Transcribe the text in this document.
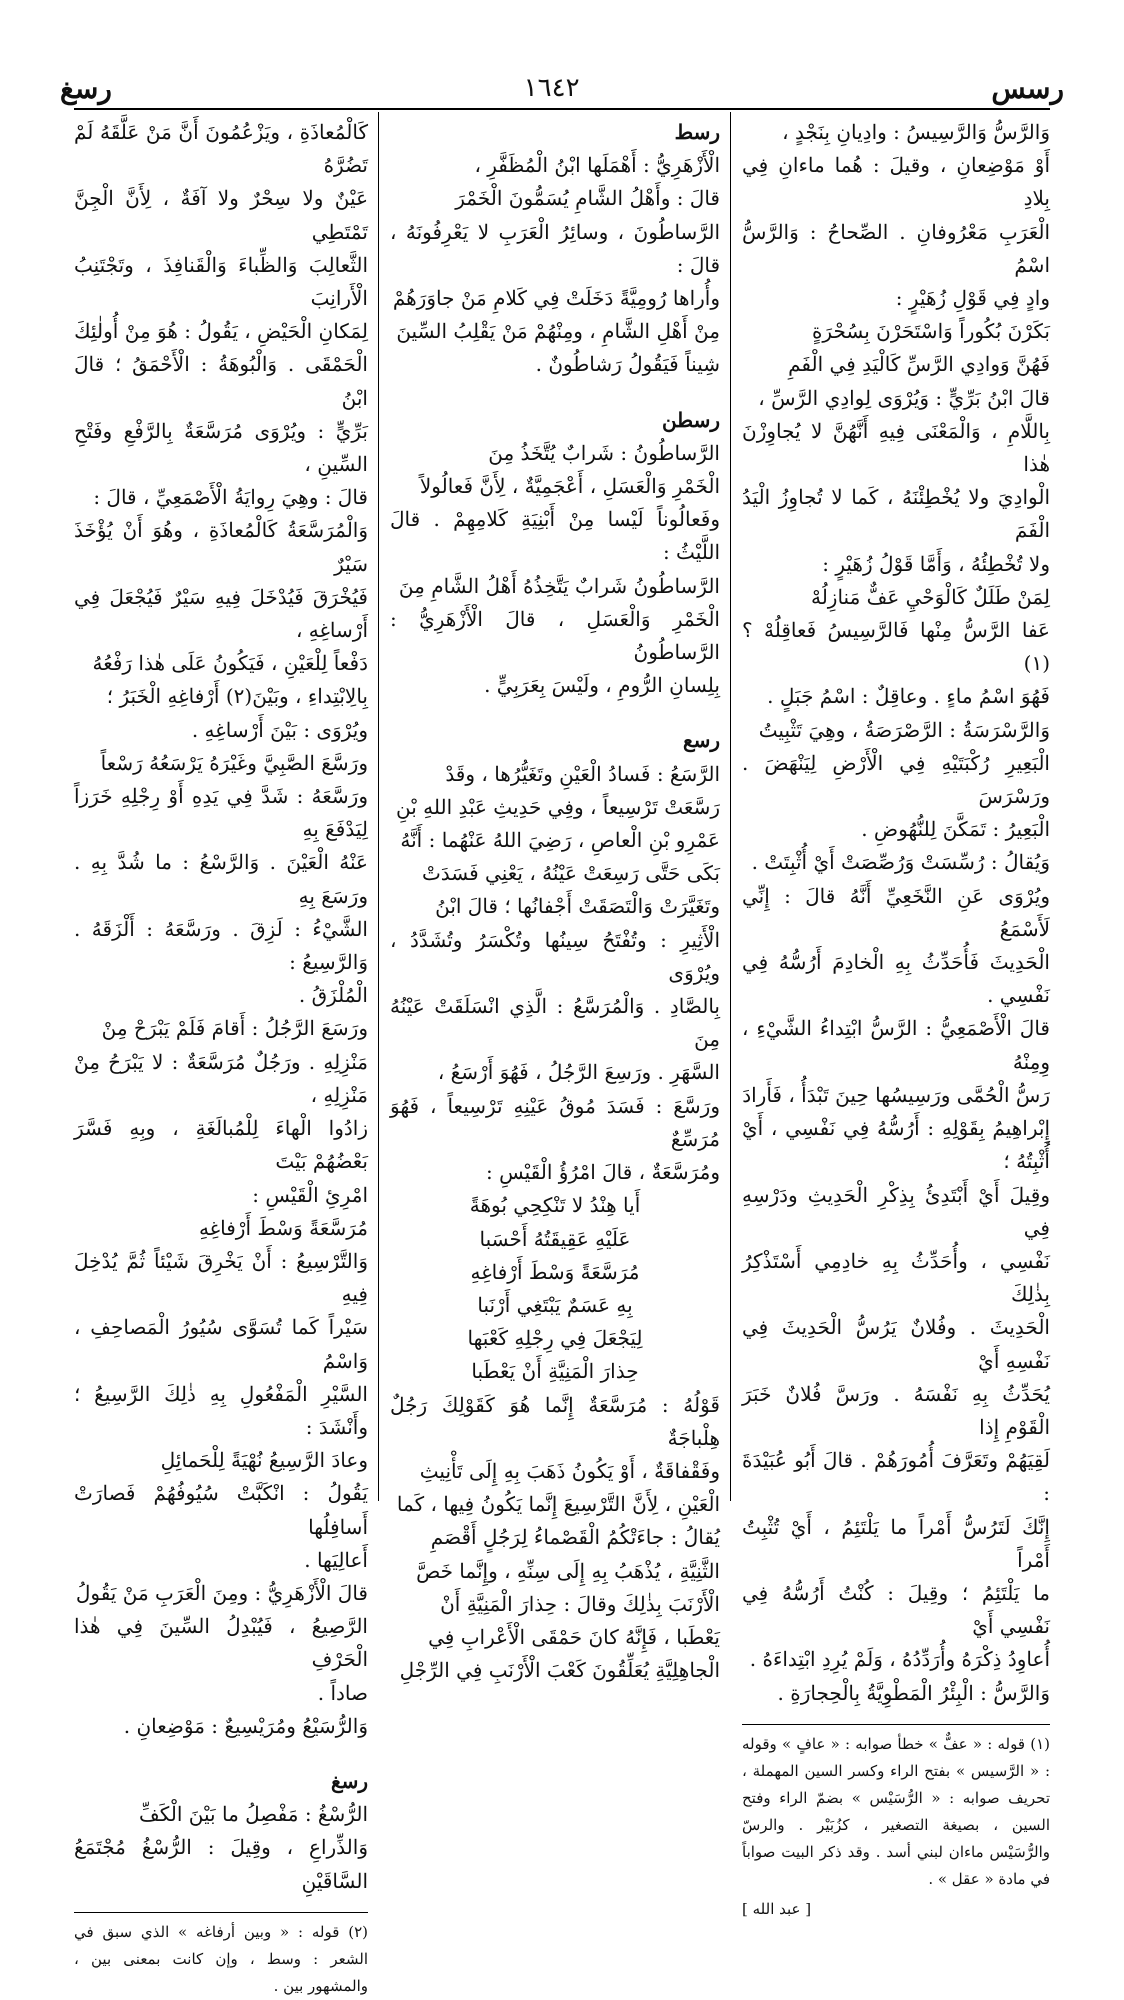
رسس
١٦٤٢
رسغ

وَالرَّسُّ وَالرَّسِيسُ : وادِيانِ بِنَجْدٍ ،

أَوْ مَوْضِعانِ ، وقيلَ : هُما ماءانِ فِي بِلادِ

الْعَرَبِ مَعْرُوفانِ . الصِّحاحُ : وَالرَّسُّ اسْمُ

وادٍ فِي قَوْلِ زُهَيْرٍ :

بَكَرْنَ بُكُوراً وَاسْتَحَرْنَ بِسُحْرَةٍ

فَهُنَّ وَوادِي الرَّسِّ كَالْيَدِ فِي الْفَمِ

قالَ ابْنُ بَرِّيٍّ : وَيُرْوَى لِوادِي الرَّسِّ ،

بِاللَّامِ ، وَالْمَعْنَى فِيهِ أَنَّهُنَّ لا يُجاوِزْنَ هٰذا

الْوادِيَ ولا يُخْطِئْنَهُ ، كَما لا تُجاوِزُ الْيَدُ الْفَمَ

ولا تُخْطِئُهُ ، وَأَمَّا قَوْلُ زُهَيْرٍ :

لِمَنْ طَلَلٌ كَالْوَحْيِ عَفٌّ مَنازِلُهْ

عَفا الرَّسُّ مِنْها فَالرَّسِيسُ فَعاقِلُهْ ؟(١)

فَهُوَ اسْمُ ماءٍ . وعاقِلٌ : اسْمُ جَبَلٍ .

وَالرَّسْرَسَةُ : الرَّصْرَصَةُ ، وهِيَ تَثْبِيتُ

الْبَعِيرِ رُكْبَتَيْهِ فِي الْأَرْضِ لِيَنْهَضَ . ورَسْرَسَ

الْبَعِيرُ : تَمَكَّنَ لِلنُّهُوضِ .

وَيُقالُ : رُسِّسَتْ وَرُصِّصَتْ أَيْ أُثْبِتَتْ .

ويُرْوَى عَنِ النَّخَعِيِّ أَنَّهُ قالَ : إِنِّي لَأَسْمَعُ

الْحَدِيثَ فَأُحَدِّثُ بِهِ الْخادِمَ أَرُسُّهُ فِي نَفْسِي .

قالَ الْأَصْمَعِيُّ : الرَّسُّ ابْتِداءُ الشَّيْءِ ، وِمِنْهُ

رَسُّ الْحُمَّى ورَسِيسُها حِينَ تَبْدَأُ ، فَأَرادَ

إِبْراهِيمُ بِقَوْلِهِ : أَرُسُّهُ فِي نَفْسِي ، أَيْ أُثْبِتُهُ ؛

وقِيلَ أَيْ أَبْتَدِئُ بِذِكْرِ الْحَدِيثِ ودَرْسِهِ فِي

نَفْسِي ، وأُحَدِّثُ بِهِ خادِمِي أَسْتَذْكِرُ بِذٰلِكَ

الْحَدِيثَ . وفُلانٌ يَرُسُّ الْحَدِيثَ فِي نَفْسِهِ أَيْ

يُحَدِّثُ بِهِ نَفْسَهُ . ورَسَّ فُلانٌ خَبَرَ الْقَوْمِ إِذا

لَقِيَهُمْ وتَعَرَّفَ أُمُورَهُمْ . قالَ أَبُو عُبَيْدَةَ :

إِنَّكَ لَتَرُسُّ أَمْراً ما يَلْتَئِمُ ، أَيْ تُثْبِتُ أَمْراً

ما يَلْتَئِمُ ؛ وقِيلَ : كُنْتُ أَرُسُّهُ فِي نَفْسِي أَيْ

أُعاوِدُ ذِكْرَهُ وأُرَدِّدُهُ ، وَلَمْ يُرِدِ ابْتِداءَهُ .

وَالرَّسُّ : الْبِئْرُ الْمَطْوِيَّةُ بِالْحِجارَةِ .

(١) قوله : « عفٌّ » خطأ صوابه : « عافٍ » وقوله : « الرَّسيس » بفتح الراء وكسر السين المهملة ، تحريف صوابه : « الرُّسَيْس » بضمّ الراء وفتح السين ، بصيغة التصغير ، كزُبَيْر . والرسّ والرُّسَيْس ماءان لبني أسد . وقد ذكر البيت صواباً في مادة « عقل » .

[ عبد الله ]

رسط

الْأَزْهَرِيُّ : أَهْمَلَها ابْنُ الْمُظَفَّرِ ،

قالَ : وأَهْلُ الشَّامِ يُسَمُّونَ الْخَمْرَ

الرَّساطُونَ ، وسائِرُ الْعَرَبِ لا يَعْرِفُونَهُ ، قالَ :

وأُراها رُومِيَّةً دَخَلَتْ فِي كَلامِ مَنْ جاوَرَهُمْ

مِنْ أَهْلِ الشَّامِ ، ومِنْهُمْ مَنْ يَقْلِبُ السِّينَ

شِيناً فَيَقُولُ رَشاطُونٌ .

رسطن

الرَّساطُونُ : شَرابٌ يُتَّخَذُ مِنَ

الْخَمْرِ وَالْعَسَلِ ، أَعْجَمِيَّةٌ ، لِأَنَّ فَعالُولاً

وفَعالُوناً لَيْسا مِنْ أَبْنِيَةِ كَلامِهِمْ . قالَ اللَّيْثُ :

الرَّساطُونُ شَرابٌ يَتَّخِذُهُ أَهْلُ الشَّامِ مِنَ

الْخَمْرِ وَالْعَسَلِ ، قالَ الْأَزْهَرِيُّ : الرَّساطُونُ

بِلِسانِ الرُّومِ ، ولَيْسَ بِعَرَبِيٍّ .

رسع

الرَّسَعُ : فَسادُ الْعَيْنِ وتَغَيُّرُها ، وقَدْ

رَسَّعَتْ تَرْسِيعاً ، وفِي حَدِيثِ عَبْدِ اللهِ بْنِ

عَمْرِو بْنِ الْعاصِ ، رَضِيَ اللهُ عَنْهُما : أَنَّهُ

بَكَى حَتَّى رَسِعَتْ عَيْنُهُ ، يَعْنِي فَسَدَتْ

وتَغَيَّرَتْ وَالْتَصَقَتْ أَجْفانُها ؛ قالَ ابْنُ

الْأَثِيرِ : وتُفْتَحُ سِينُها وتُكْسَرُ وتُشَدَّدُ ، ويُرْوَى

بِالصَّادِ . وَالْمُرَسَّعُ : الَّذِي انْسَلَقَتْ عَيْنُهُ مِنَ

السَّهَرِ . ورَسِعَ الرَّجُلُ ، فَهُوَ أَرْسَعُ ،

ورَسَّعَ : فَسَدَ مُوقُ عَيْنِهِ تَرْسِيعاً ، فَهُوَ مُرَسِّعٌ

ومُرَسَّعَةٌ ، قالَ امْرُؤُ الْقَيْسِ :

أَيا هِنْدُ لا تَنْكِحِي بُوهَةً

عَلَيْهِ عَقِيقَتُهُ أَحْسَبا

مُرَسَّعَةً وَسْطَ أَرْفاغِهِ

بِهِ عَسَمٌ يَبْتَغِي أَرْنَبا

لِيَجْعَلَ فِي رِجْلِهِ كَعْبَها

حِذارَ الْمَنِيَّةِ أَنْ يَعْطَبا

قَوْلُهُ : مُرَسَّعَةٌ إِنَّما هُوَ كَقَوْلِكَ رَجُلٌ هِلْباجَةٌ

وفَقْفاقَةٌ ، أَوْ يَكُونُ ذَهَبَ بِهِ إِلَى تَأْنِيثِ

الْعَيْنِ ، لِأَنَّ التَّرْسِيعَ إِنَّما يَكُونُ فِيها ، كَما

يُقالُ : جاءَتْكُمُ الْقَصْماءُ لِرَجُلٍ أَقْصَمِ

الثَّنِيَّةِ ، يُذْهَبُ بِهِ إِلَى سِنِّهِ ، وإِنَّما خَصَّ

الْأَرْنَبَ بِذٰلِكَ وقالَ : حِذارَ الْمَنِيَّةِ أَنْ

يَعْطَبا ، فَإِنَّهُ كانَ حَمْقَى الْأَعْرابِ فِي

الْجاهِلِيَّةِ يُعَلِّقُونَ كَعْبَ الْأَرْنَبِ فِي الرِّجْلِ

كَالْمُعاذَةِ ، ويَزْعُمُونَ أَنَّ مَنْ عَلَّقَهُ لَمْ تَضُرَّهُ

عَيْنٌ ولا سِحْرٌ ولا آفَةٌ ، لِأَنَّ الْجِنَّ تَمْتَطِي

الثَّعالِبَ وَالظِّباءَ وَالْقَنافِذَ ، وتَجْتَنِبُ الْأَرانِبَ

لِمَكانِ الْحَيْضِ ، يَقُولُ : هُوَ مِنْ أُولٰئِكَ

الْحَمْقَى . وَالْبُوهَةُ : الْأَحْمَقُ ؛ قالَ ابْنُ

بَرِّيٍّ : ويُرْوَى مُرَسَّعَةٌ بِالرَّفْعِ وفَتْحِ السِّينِ ،

قالَ : وهِيَ رِوايَةُ الْأَصْمَعِيِّ ، قالَ :

وَالْمُرَسَّعَةُ كَالْمُعاذَةِ ، وهُوَ أَنْ يُؤْخَذَ سَيْرٌ

فَيُخْرَقَ فَيُدْخَلَ فِيهِ سَيْرٌ فَيُجْعَلَ فِي أَرْساغِهِ ،

دَفْعاً لِلْعَيْنِ ، فَيَكُونُ عَلَى هٰذا رَفْعُهُ

بِالِابْتِداءِ ، وبَيْنَ(٢) أَرْفاغِهِ الْخَبَرُ ؛

ويُرْوَى : بَيْنَ أَرْساغِهِ .

ورَسَّعَ الصَّبِيَّ وغَيْرَهُ يَرْسَعُهُ رَسْعاً

ورَسَّعَهُ : شَدَّ فِي يَدِهِ أَوْ رِجْلِهِ خَرَزاً لِيَدْفَعَ بِهِ

عَنْهُ الْعَيْنَ . وَالرَّسْعُ : ما شُدَّ بِهِ . ورَسَعَ بِهِ

الشَّيْءُ : لَزِقَ . ورَسَّعَهُ : أَلْزَقَهُ . وَالرَّسِيعُ :

الْمُلْزَقُ .

ورَسَعَ الرَّجُلُ : أَقامَ فَلَمْ يَبْرَحْ مِنْ

مَنْزِلِهِ . ورَجُلٌ مُرَسَّعَةٌ : لا يَبْرَحُ مِنْ مَنْزِلِهِ ،

زادُوا الْهاءَ لِلْمُبالَغَةِ ، وبِهِ فَسَّرَ بَعْضُهُمْ بَيْتَ

امْرِئِ الْقَيْسِ :

مُرَسَّعَةً وَسْطَ أَرْفاغِهِ

وَالتَّرْسِيعُ : أَنْ يَخْرِقَ شَيْئاً ثُمَّ يُدْخِلَ فِيهِ

سَيْراً كَما تُسَوَّى سُيُورُ الْمَصاحِفِ ، وَاسْمُ

السَّيْرِ الْمَفْعُولِ بِهِ ذٰلِكَ الرَّسِيعُ ؛ وأَنْشَدَ :

وعادَ الرَّسِيعُ نُهْيَةً لِلْحَمائِلِ

يَقُولُ : انْكَبَّتْ سُيُوفُهُمْ فَصارَتْ أَسافِلُها

أَعالِيَها .

قالَ الْأَزْهَرِيُّ : ومِنَ الْعَرَبِ مَنْ يَقُولُ

الرَّصِيعُ ، فَيُبْدِلُ السِّينَ فِي هٰذا الْحَرْفِ

صاداً .

وَالرُّسَيْعُ ومُرَيْسِيعٌ : مَوْضِعانِ .

رسغ

الرُّسْغُ : مَفْصِلُ ما بَيْنَ الْكَفِّ

وَالذِّراعِ ، وقِيلَ : الرُّسْغُ مُجْتَمَعُ السَّاقَيْنِ

(٢) قوله : « وبين أرفاغه » الذي سبق في الشعر : وسط ، وإن كانت بمعنى بين ، والمشهور بين .
